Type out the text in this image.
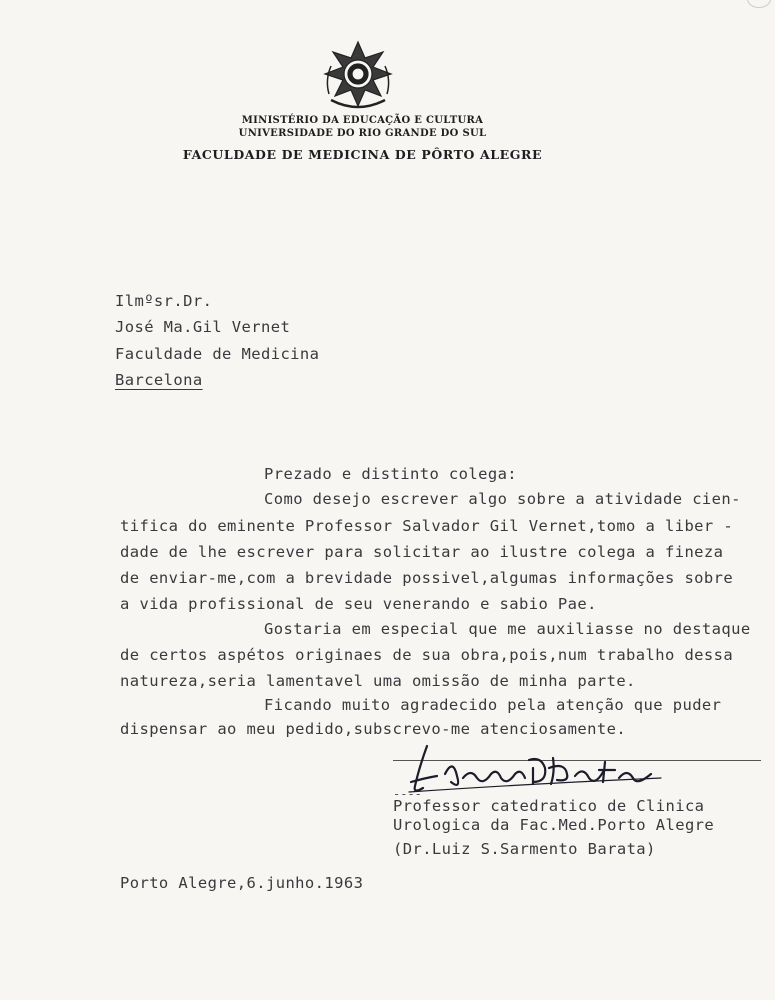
MINISTÉRIO DA EDUCAÇÃO E CULTURA
UNIVERSIDADE DO RIO GRANDE DO SUL
FACULDADE DE MEDICINA DE PÔRTO ALEGRE
Ilmºsr.Dr.
José Ma.Gil Vernet
Faculdade de Medicina
Barcelona
Prezado e distinto colega:
Como desejo escrever algo sobre a atividade cien-
tifica do eminente Professor Salvador Gil Vernet,tomo a liber -
dade de lhe escrever para solicitar ao ilustre colega a fineza
de enviar-me,com a brevidade possivel,algumas informações sobre
a vida profissional de seu venerando e sabio Pae.
Gostaria em especial que me auxiliasse no destaque
de certos aspétos originaes de sua obra,pois,num trabalho dessa
natureza,seria lamentavel uma omissão de minha parte.
Ficando muito agradecido pela atenção que puder
dispensar ao meu pedido,subscrevo-me atenciosamente.
----
Professor catedratico de Clinica
Urologica da Fac.Med.Porto Alegre
(Dr.Luiz S.Sarmento Barata)
Porto Alegre,6.junho.1963
